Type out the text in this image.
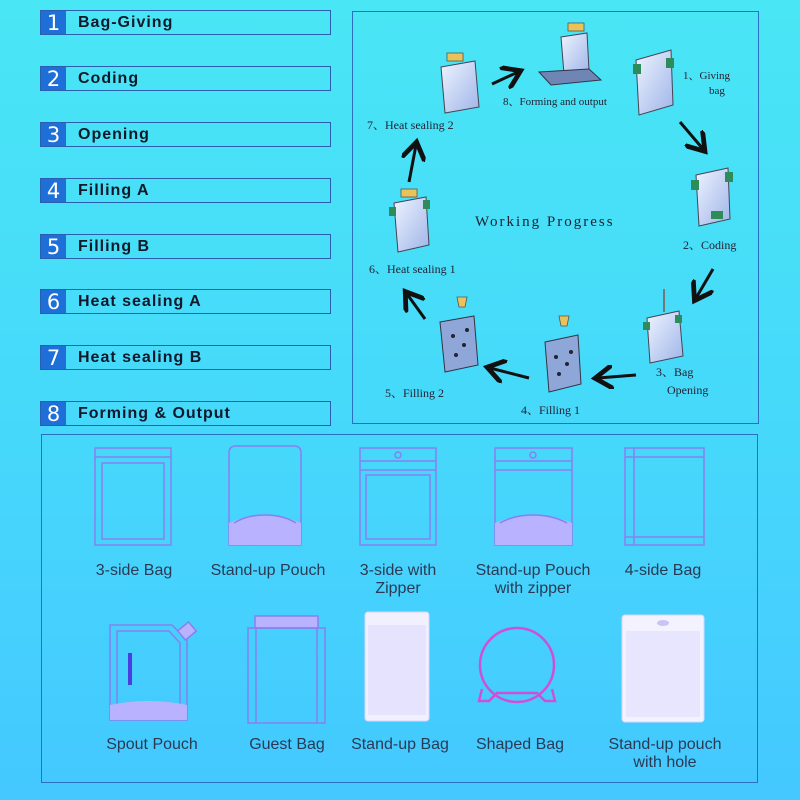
1	Bag-Giving
2	Coding
3	Opening
4	Filling A
5	Filling B
6	Heat sealing A
7	Heat sealing B
8	Forming & Output
Working Progress
1、Giving
bag
2、Coding
3、Bag
Opening
4、Filling 1
5、Filling 2
6、Heat sealing 1
7、Heat sealing 2
8、Forming and output
3-side Bag	Stand-up Pouch	3-side with
Zipper
Stand-up Pouch
with zipper
4-side Bag
Spout Pouch	Guest Bag	Stand-up Bag	Shaped Bag	Stand-up pouch
with hole
